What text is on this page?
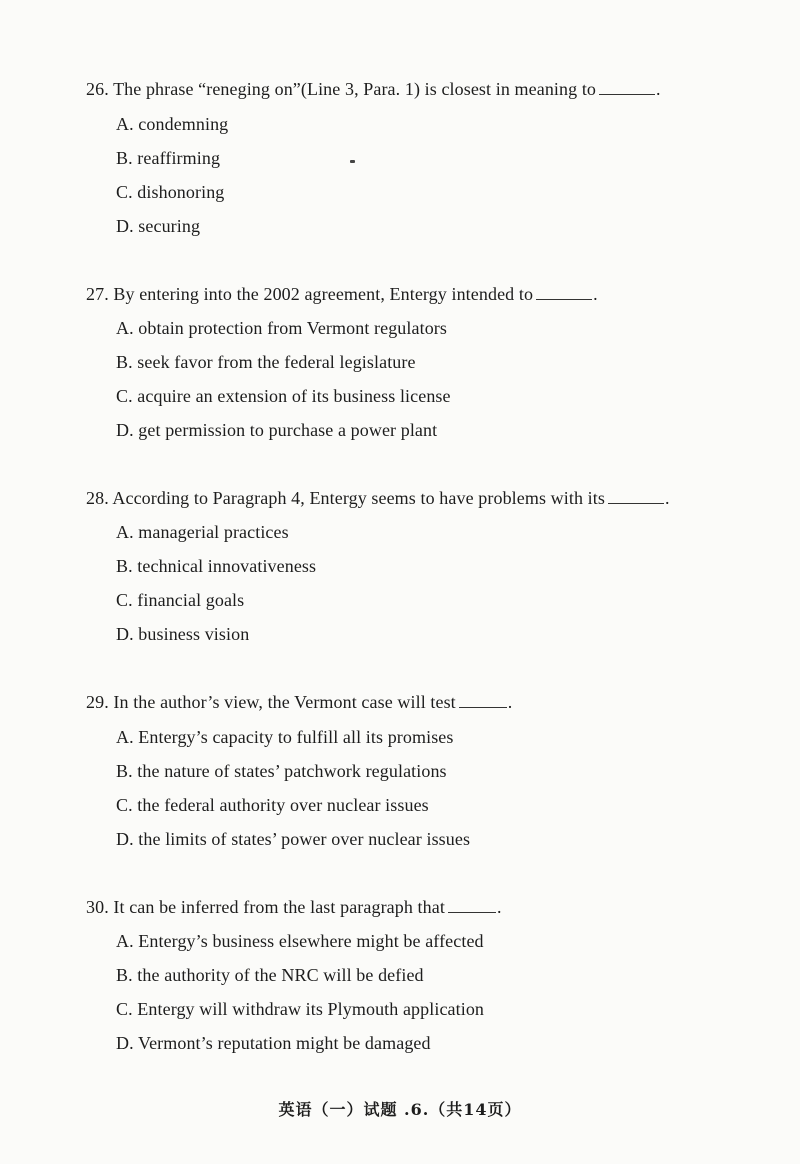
26. The phrase “reneging on”(Line 3, Para. 1) is closest in meaning to	.
A. condemning
B. reaffirming
C. dishonoring
D. securing
27. By entering into the 2002 agreement, Entergy intended to	.
A. obtain protection from Vermont regulators
B. seek favor from the federal legislature
C. acquire an extension of its business license
D. get permission to purchase a power plant
28. According to Paragraph 4, Entergy seems to have problems with its	.
A. managerial practices
B. technical innovativeness
C. financial goals
D. business vision
29. In the author’s view, the Vermont case will test	.
A. Entergy’s capacity to fulfill all its promises
B. the nature of states’ patchwork regulations
C. the federal authority over nuclear issues
D. the limits of states’ power over nuclear issues
30. It can be inferred from the last paragraph that	.
A. Entergy’s business elsewhere might be affected
B. the authority of the NRC will be defied
C. Entergy will withdraw its Plymouth application
D. Vermont’s reputation might be damaged
英语（一）试题 .6.（共14页）
